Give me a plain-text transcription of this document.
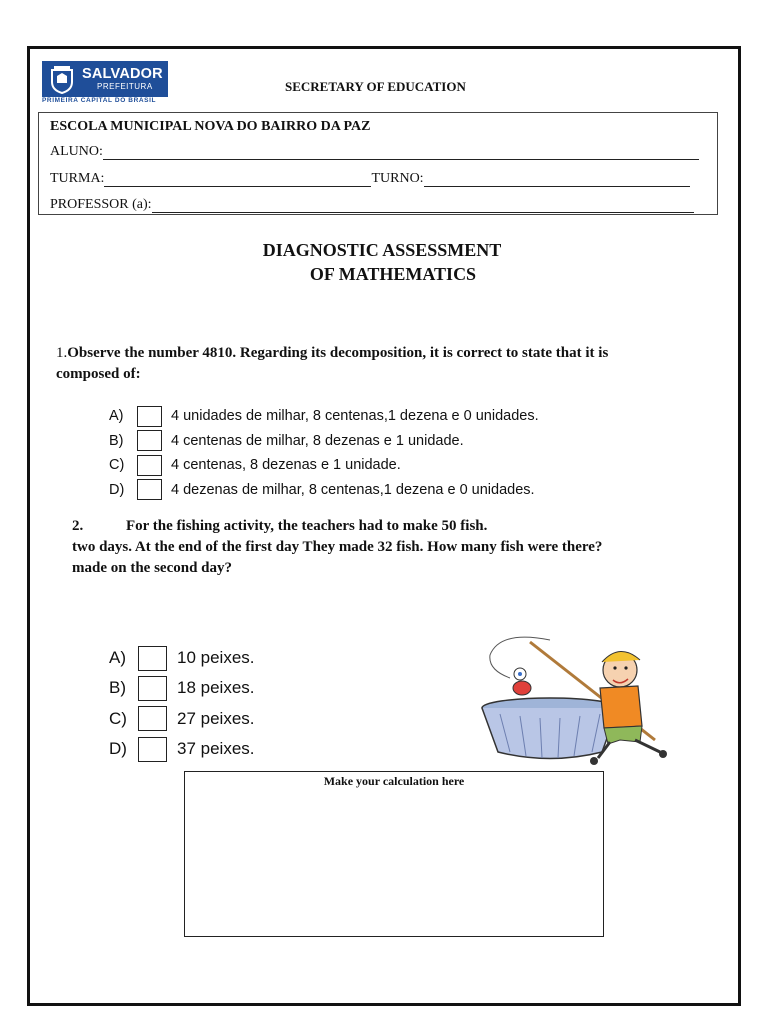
SALVADOR
PREFEITURA
PRIMEIRA CAPITAL DO BRASIL
SECRETARY OF EDUCATION
ESCOLA MUNICIPAL NOVA DO BAIRRO DA PAZ
ALUNO:
TURMA:	TURNO:
PROFESSOR (a):
DIAGNOSTIC ASSESSMENT
OF MATHEMATICS
1.Observe the number 4810. Regarding its decomposition, it is correct to state that it is
composed of:
A)	4 unidades de milhar, 8 centenas,1 dezena e 0 unidades.
B)	4 centenas de milhar, 8 dezenas e 1 unidade.
C)	4 centenas, 8 dezenas e 1 unidade.
D)	4 dezenas de milhar, 8 centenas,1 dezena e 0 unidades.
2.	For the fishing activity, the teachers had to make 50 fish.
two days. At the end of the first day They made 32 fish. How many fish were there?
made on the second day?
A)	10 peixes.
B)	18 peixes.
C)	27 peixes.
D)	37 peixes.
Make your calculation here
